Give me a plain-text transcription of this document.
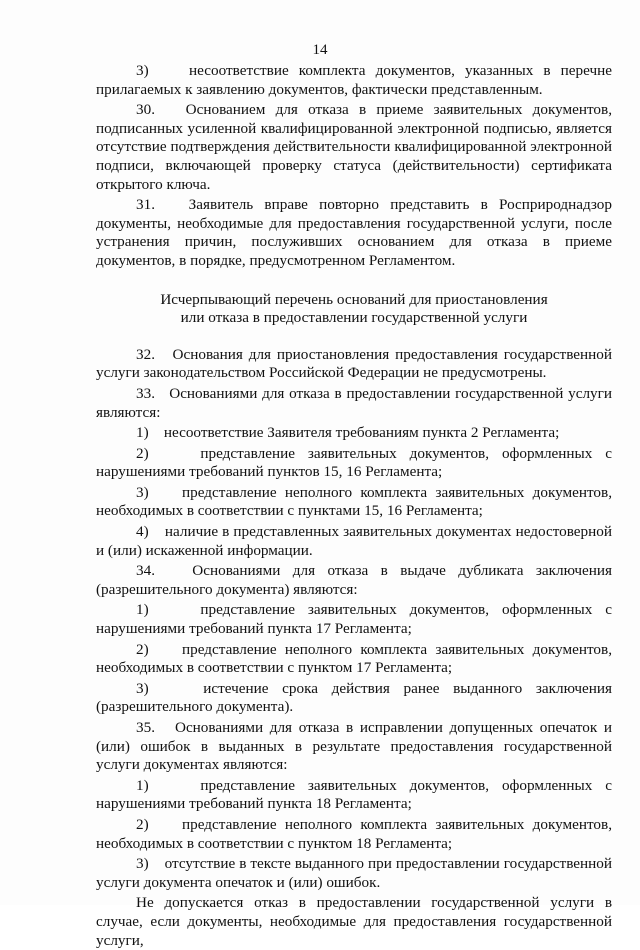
14

3)    несоответствие комплекта документов, указанных в перечне прилагаемых к заявлению документов, фактически представленным.

30.   Основанием для отказа в приеме заявительных документов, подписанных усиленной квалифицированной электронной подписью, является отсутствие подтверждения действительности квалифицированной электронной подписи, включающей проверку статуса (действительности) сертификата открытого ключа.

31.   Заявитель вправе повторно представить в Росприроднадзор документы, необходимые для предоставления государственной услуги, после устранения причин, послуживших основанием для отказа в приеме документов, в порядке, предусмотренном Регламентом.

Исчерпывающий перечень оснований для приостановления
или отказа в предоставлении государственной услуги

32.   Основания для приостановления предоставления государственной услуги законодательством Российской Федерации не предусмотрены.

33.   Основаниями для отказа в предоставлении государственной услуги являются:

1)    несоответствие Заявителя требованиям пункта 2 Регламента;

2)    представление заявительных документов, оформленных с нарушениями требований пунктов 15, 16 Регламента;

3)    представление неполного комплекта заявительных документов, необходимых в соответствии с пунктами 15, 16 Регламента;

4)    наличие в представленных заявительных документах недостоверной и (или) искаженной информации.

34.   Основаниями для отказа в выдаче дубликата заключения (разрешительного документа) являются:

1)    представление заявительных документов, оформленных с нарушениями требований пункта 17 Регламента;

2)    представление неполного комплекта заявительных документов, необходимых в соответствии с пунктом 17 Регламента;

3)    истечение срока действия ранее выданного заключения (разрешительного документа).

35.   Основаниями для отказа в исправлении допущенных опечаток и (или) ошибок в выданных в результате предоставления государственной услуги документах являются:

1)    представление заявительных документов, оформленных с нарушениями требований пункта 18 Регламента;

2)    представление неполного комплекта заявительных документов, необходимых в соответствии с пунктом 18 Регламента;

3)    отсутствие в тексте выданного при предоставлении государственной услуги документа опечаток и (или) ошибок.

Не допускается отказ в предоставлении государственной услуги в случае, если документы, необходимые для предоставления государственной услуги,
